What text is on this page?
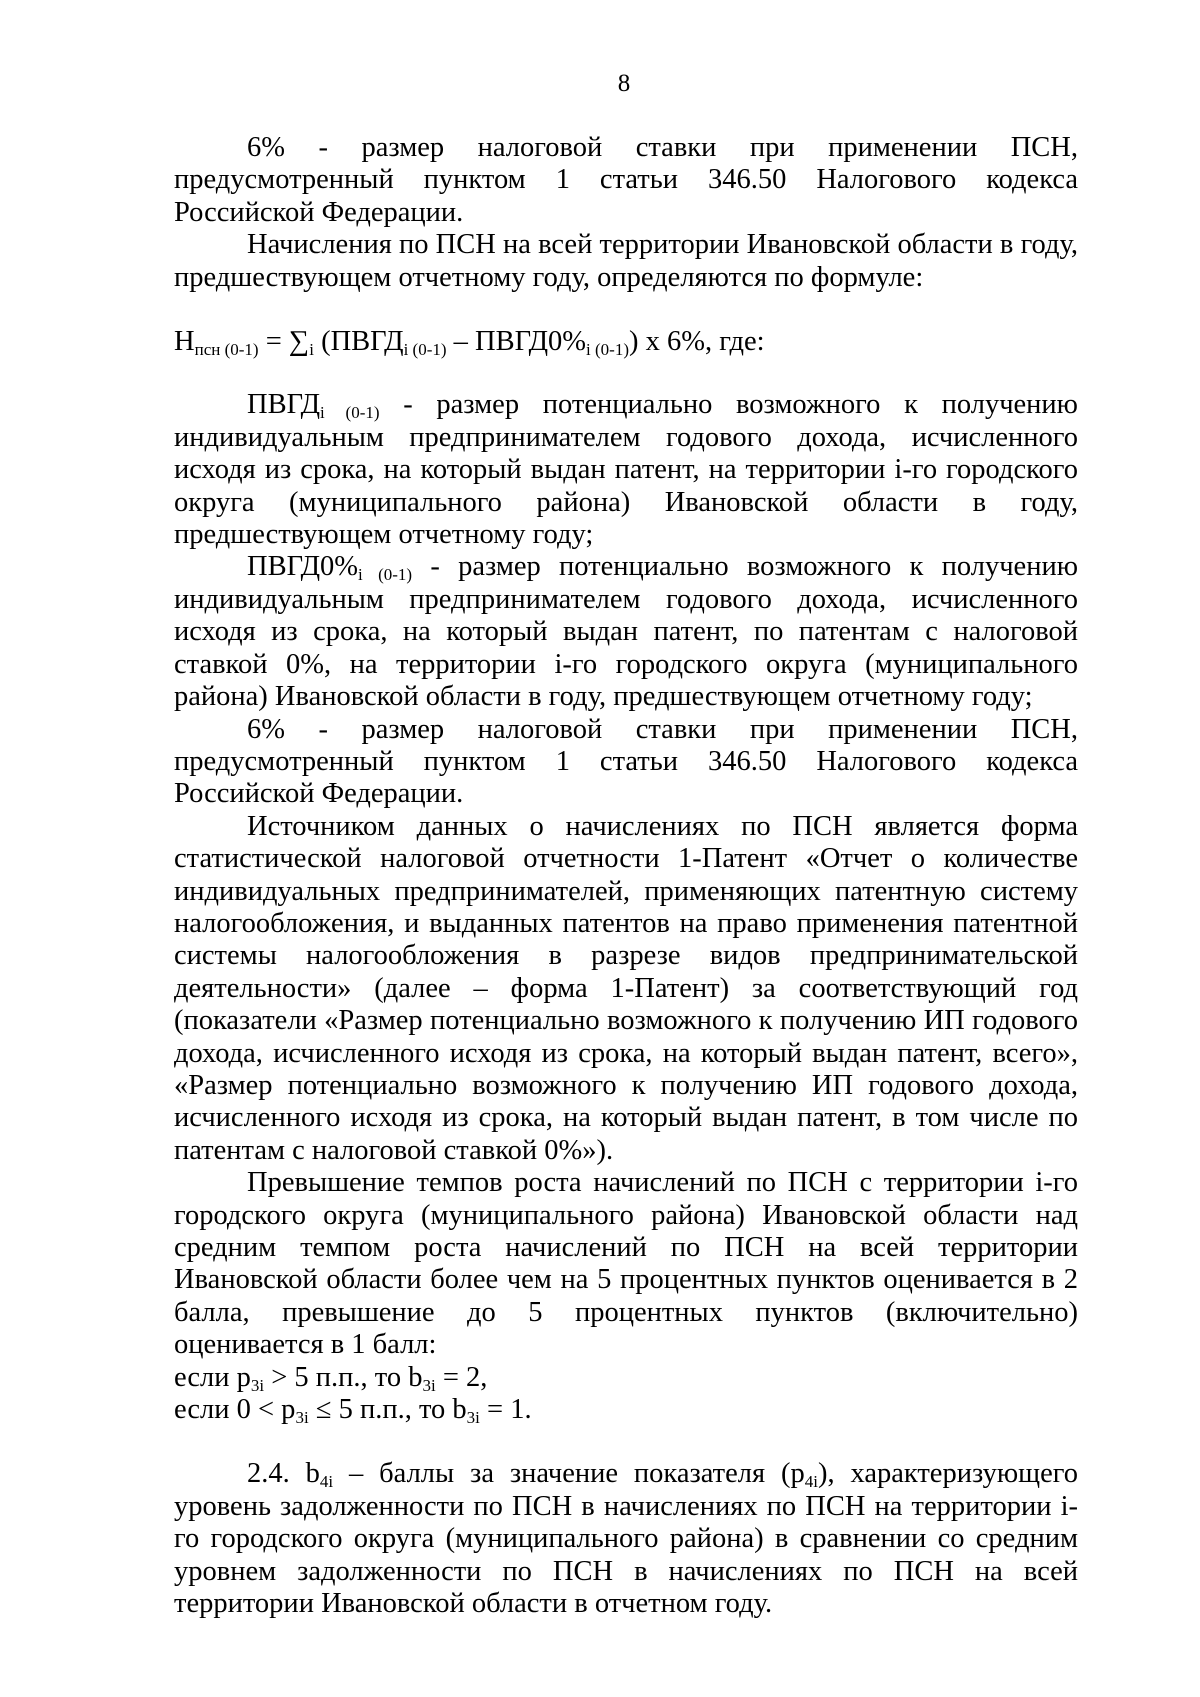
8

6% - размер налоговой ставки при применении ПСН, предусмотренный пунктом 1 статьи 346.50 Налогового кодекса Российской Федерации.

Начисления по ПСН на всей территории Ивановской области в году, предшествующем отчетному году, определяются по формуле:

$Н_{псн (0-1)} = \sum_i$ ($ПВГД_{i (0-1)}$ – $ПВГД0\%_{i (0-1)}$) х 6%, где:

$ПВГД_{i (0-1)}$ - размер потенциально возможного к получению индивидуальным предпринимателем годового дохода, исчисленного исходя из срока, на который выдан патент, на территории i-го городского округа (муниципального района) Ивановской области в году, предшествующем отчетному году;

$ПВГД0\%_{i (0-1)}$ - размер потенциально возможного к получению индивидуальным предпринимателем годового дохода, исчисленного исходя из срока, на который выдан патент, по патентам с налоговой ставкой 0%, на территории i-го городского округа (муниципального района) Ивановской области в году, предшествующем отчетному году;

6% - размер налоговой ставки при применении ПСН, предусмотренный пунктом 1 статьи 346.50 Налогового кодекса Российской Федерации.

Источником данных о начислениях по ПСН является форма статистической налоговой отчетности 1-Патент «Отчет о количестве индивидуальных предпринимателей, применяющих патентную систему налогообложения, и выданных патентов на право применения патентной системы налогообложения в разрезе видов предпринимательской деятельности» (далее – форма 1-Патент) за соответствующий год (показатели «Размер потенциально возможного к получению ИП годового дохода, исчисленного исходя из срока, на который выдан патент, всего», «Размер потенциально возможного к получению ИП годового дохода, исчисленного исходя из срока, на который выдан патент, в том числе по патентам с налоговой ставкой 0%»).

Превышение темпов роста начислений по ПСН с территории i-го городского округа (муниципального района) Ивановской области над средним темпом роста начислений по ПСН на всей территории Ивановской области более чем на 5 процентных пунктов оценивается в 2 балла, превышение до 5 процентных пунктов (включительно) оценивается в 1 балл:

если $p_{3i} > 5$ п.п., то $b_{3i} = 2$,

если $0 < p_{3i} \le 5$ п.п., то $b_{3i} = 1$.

2.4. $b_{4i}$ – баллы за значение показателя $(p_{4i})$, характеризующего уровень задолженности по ПСН в начислениях по ПСН на территории i-го городского округа (муниципального района) в сравнении со средним уровнем задолженности по ПСН в начислениях по ПСН на всей территории Ивановской области в отчетном году.
